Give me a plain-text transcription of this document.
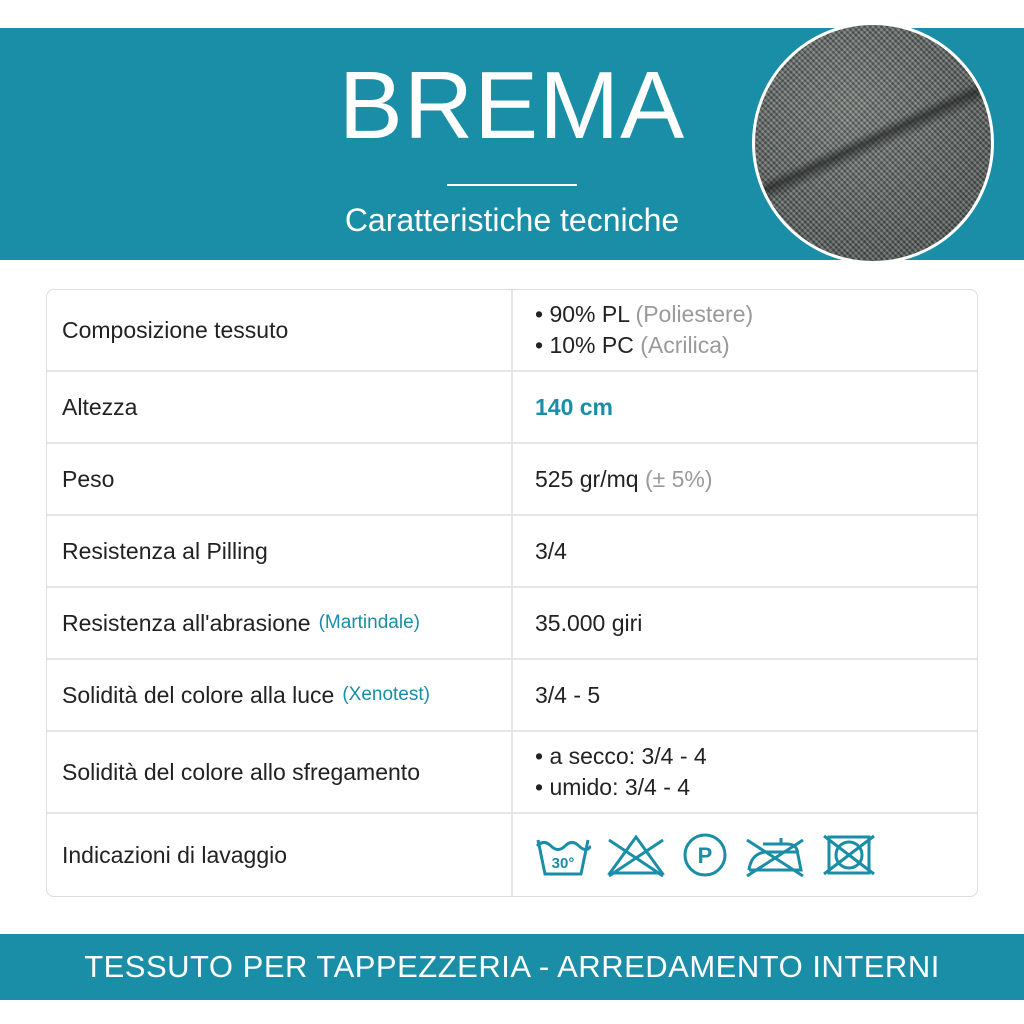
BREMA
Caratteristiche tecniche
Composizione tessuto
• 90% PL (Poliestere)
• 10% PC (Acrilica)
Altezza	140 cm
Peso	525 gr/mq (± 5%)
Resistenza al Pilling	3/4
Resistenza all'abrasione (Martindale)	35.000 giri
Solidità del colore alla luce (Xenotest)	3/4 - 5
Solidità del colore allo sfregamento
• a secco: 3/4 - 4
• umido: 3/4 - 4
Indicazioni di lavaggio	30°	P
TESSUTO PER TAPPEZZERIA - ARREDAMENTO INTERNI
